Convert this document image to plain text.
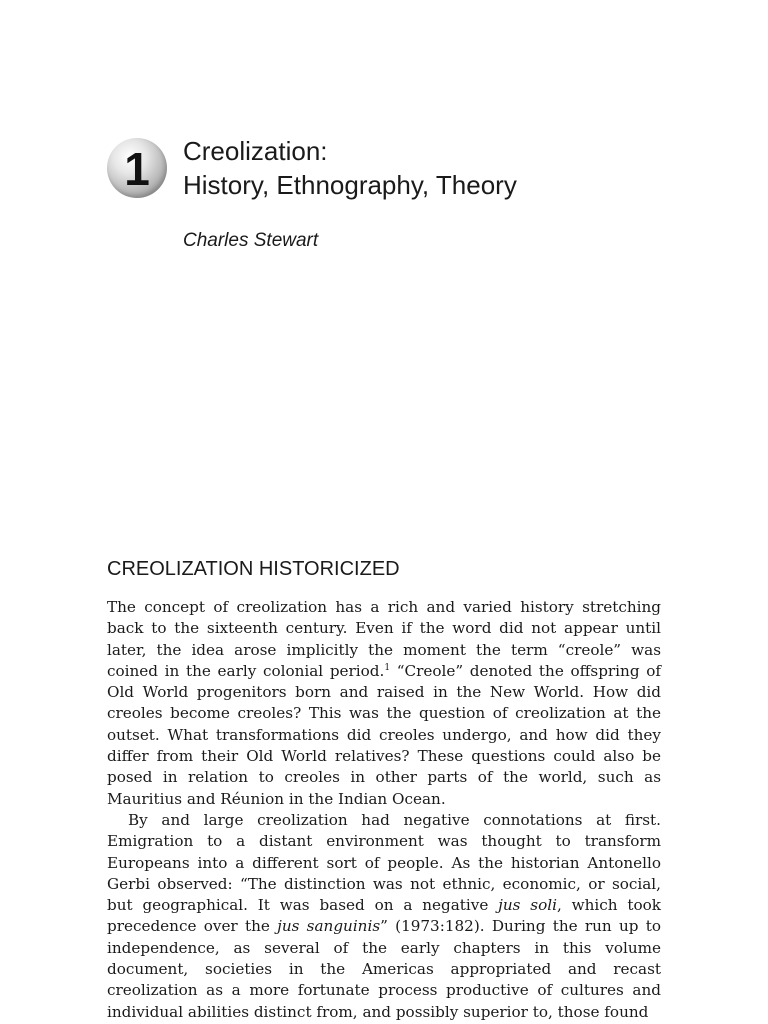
1 Creolization:
History, Ethnography, Theory
Charles Stewart
CREOLIZATION HISTORICIZED

The concept of creolization has a rich and varied history stretching back to the sixteenth century. Even if the word did not appear until later, the idea arose implicitly the moment the term “creole” was coined in the early colonial period.$^1$ “Creole” denoted the offspring of Old World progenitors born and raised in the New World. How did creoles become creoles? This was the question of creolization at the outset. What transformations did creoles undergo, and how did they differ from their Old World relatives? These questions could also be posed in relation to creoles in other parts of the world, such as Mauritius and Réunion in the Indian Ocean.

By and large creolization had negative connotations at first. Emigration to a distant environment was thought to transform Europeans into a different sort of people. As the historian Antonello Gerbi observed: “The distinction was not ethnic, economic, or social, but geographical. It was based on a negative jus soli, which took precedence over the jus sanguinis” (1973:182). During the run up to independence, as several of the early chapters in this volume document, societies in the Americas appropriated and recast creolization as a more fortunate process productive of cultures and individual abilities distinct from, and possibly superior to, those found
